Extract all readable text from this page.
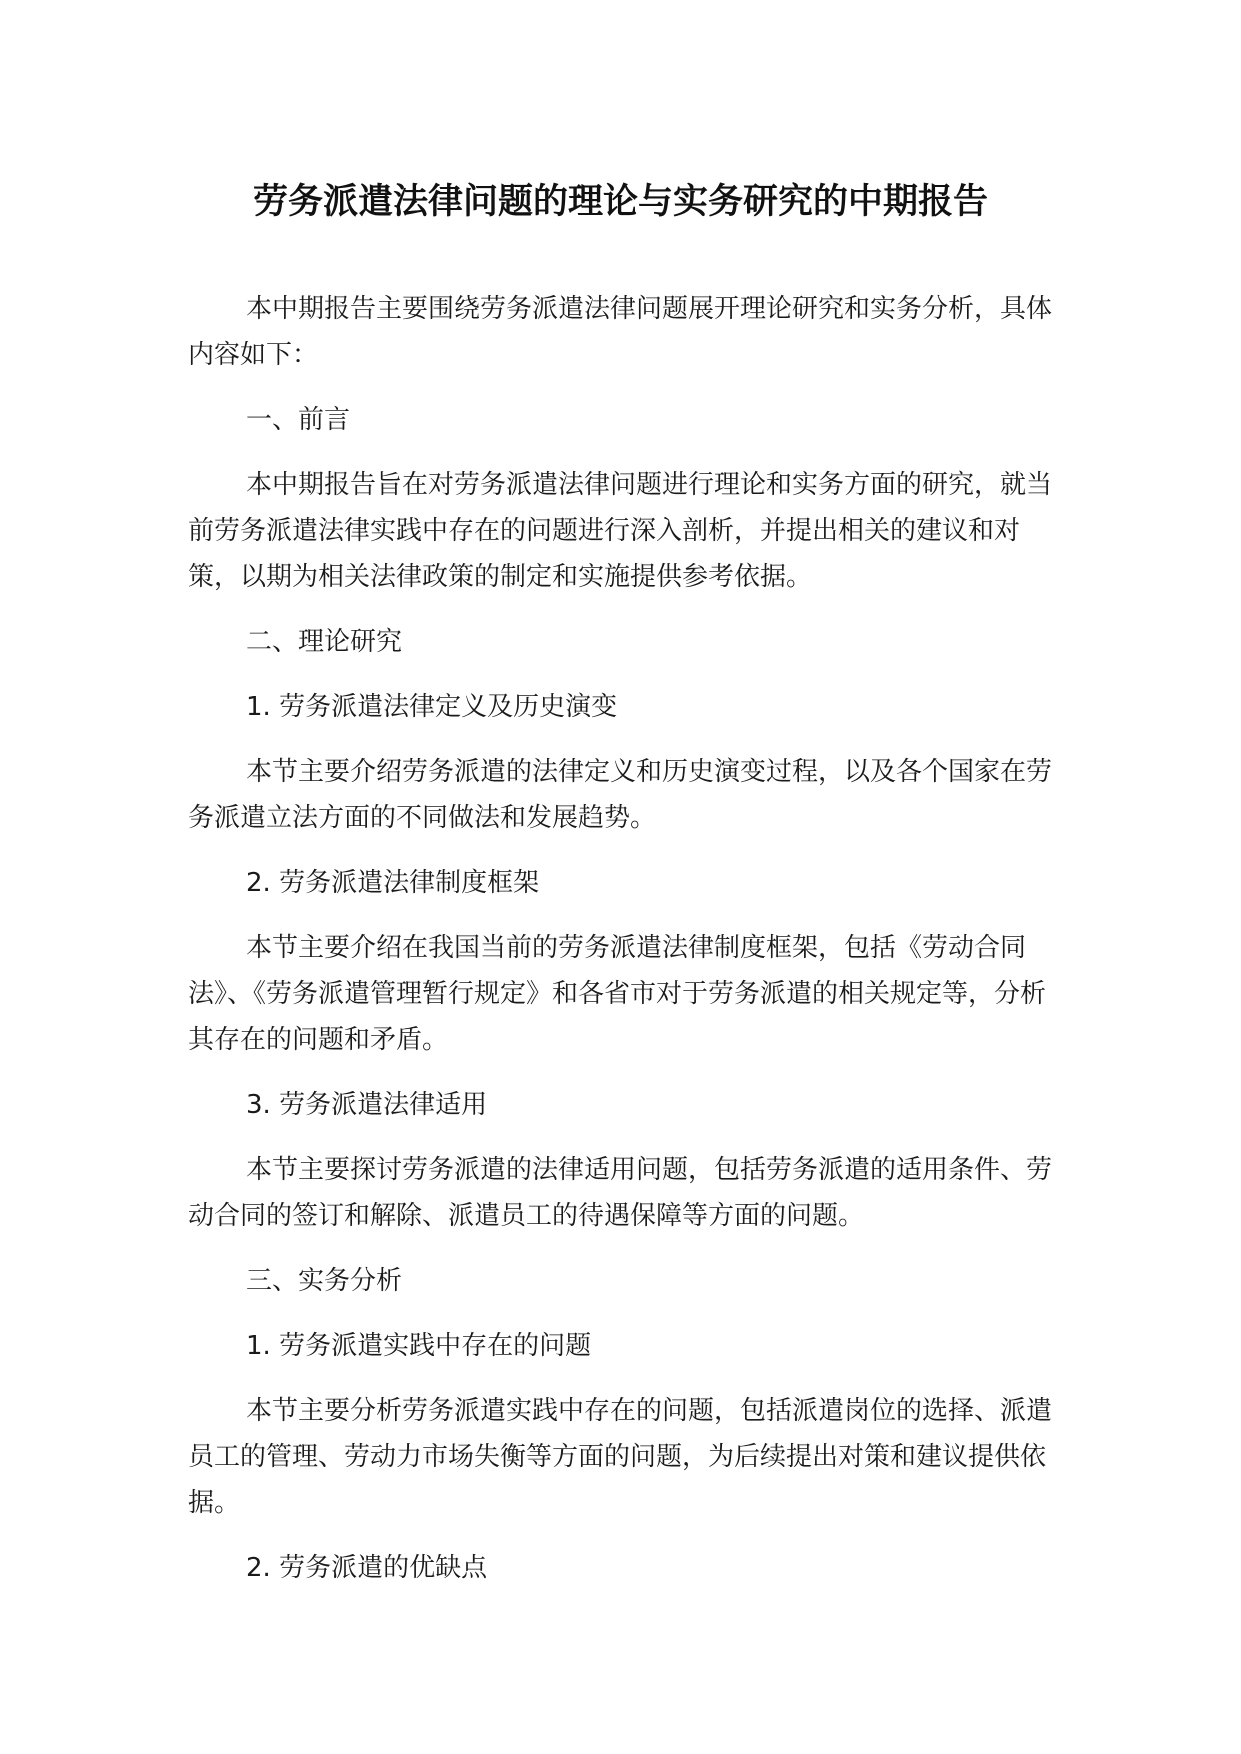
劳务派遣法律问题的理论与实务研究的中期报告

本中期报告主要围绕劳务派遣法律问题展开理论研究和实务分析，具体内容如下：

一、前言

本中期报告旨在对劳务派遣法律问题进行理论和实务方面的研究，就当前劳务派遣法律实践中存在的问题进行深入剖析，并提出相关的建议和对策，以期为相关法律政策的制定和实施提供参考依据。

二、理论研究

1. 劳务派遣法律定义及历史演变

本节主要介绍劳务派遣的法律定义和历史演变过程，以及各个国家在劳务派遣立法方面的不同做法和发展趋势。

2. 劳务派遣法律制度框架

本节主要介绍在我国当前的劳务派遣法律制度框架，包括《劳动合同法》、《劳务派遣管理暂行规定》和各省市对于劳务派遣的相关规定等，分析其存在的问题和矛盾。

3. 劳务派遣法律适用

本节主要探讨劳务派遣的法律适用问题，包括劳务派遣的适用条件、劳动合同的签订和解除、派遣员工的待遇保障等方面的问题。

三、实务分析

1. 劳务派遣实践中存在的问题

本节主要分析劳务派遣实践中存在的问题，包括派遣岗位的选择、派遣员工的管理、劳动力市场失衡等方面的问题，为后续提出对策和建议提供依据。

2. 劳务派遣的优缺点
